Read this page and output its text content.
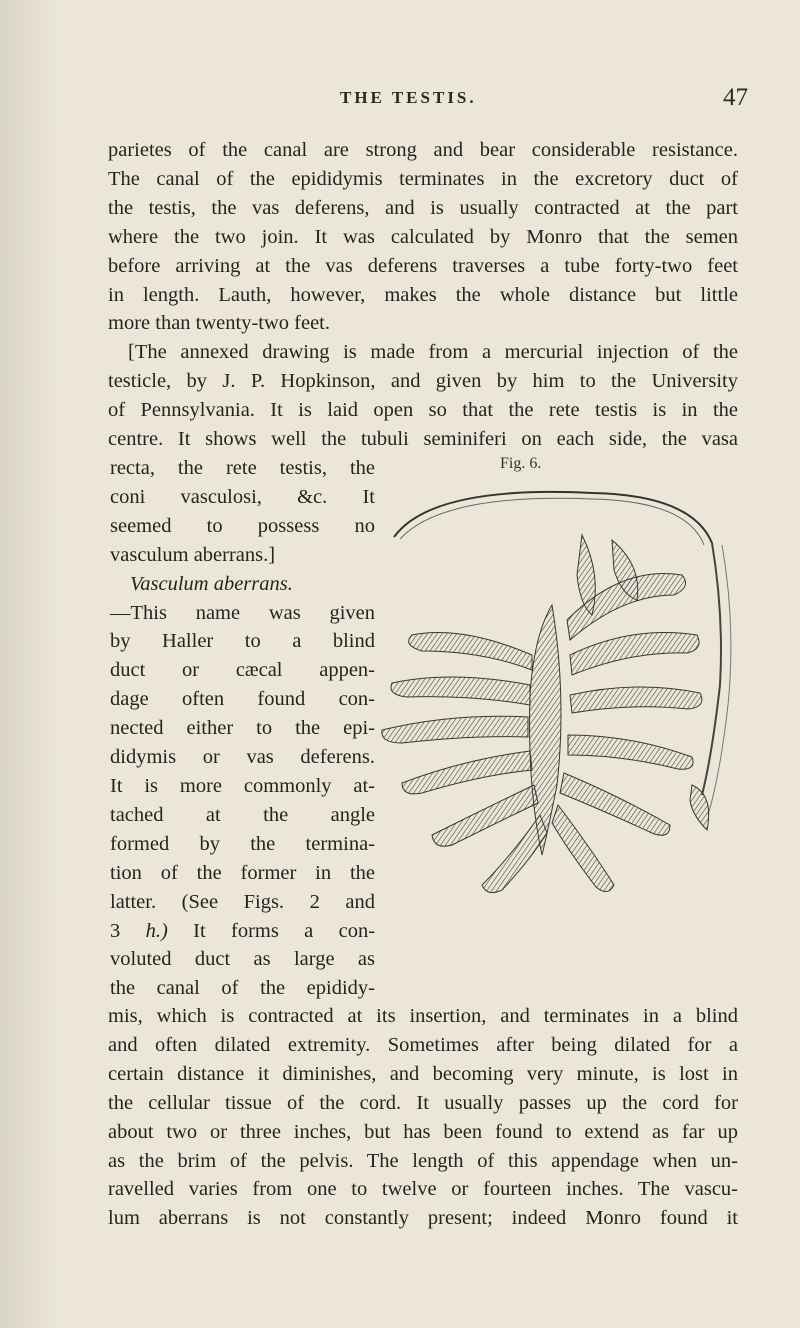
THE TESTIS.	47
parietes of the canal are strong and bear considerable resistance.
The canal of the epididymis terminates in the excretory duct of
the testis, the vas deferens, and is usually contracted at the part
where the two join. It was calculated by Monro that the semen
before arriving at the vas deferens traverses a tube forty-two feet
in length. Lauth, however, makes the whole distance but little
more than twenty-two feet.
[The annexed drawing is made from a mercurial injection of the
testicle, by J. P. Hopkinson, and given by him to the University
of Pennsylvania. It is laid open so that the rete testis is in the
centre. It shows well the tubuli seminiferi on each side, the vasa
recta, the rete testis, the
coni vasculosi, &c. It
seemed to possess no
vasculum aberrans.]
Vasculum aberrans.
—This name was given
by Haller to a blind
duct or cæcal appen-
dage often found con-
nected either to the epi-
didymis or vas deferens.
It is more commonly at-
tached at the angle
formed by the termina-
tion of the former in the
latter. (See Figs. 2 and
3 h.) It forms a con-
voluted duct as large as
the canal of the epididy-
Fig. 6.
mis, which is contracted at its insertion, and terminates in a blind
and often dilated extremity. Sometimes after being dilated for a
certain distance it diminishes, and becoming very minute, is lost in
the cellular tissue of the cord. It usually passes up the cord for
about two or three inches, but has been found to extend as far up
as the brim of the pelvis. The length of this appendage when un-
ravelled varies from one to twelve or fourteen inches. The vascu-
lum aberrans is not constantly present; indeed Monro found it
